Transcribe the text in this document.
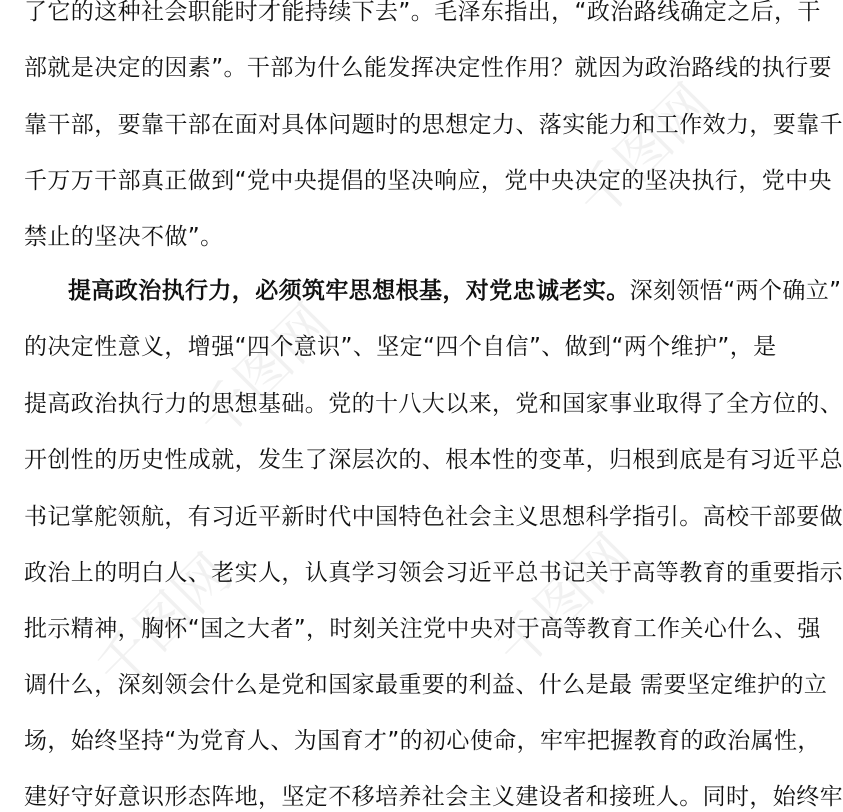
千图网
千图网
千图网
千图网
了它的这种社会职能时才能持续下去”。毛泽东指出，“政治路线确定之后，干
部就是决定的因素”。干部为什么能发挥决定性作用？就因为政治路线的执行要
靠干部，要靠干部在面对具体问题时的思想定力、落实能力和工作效力，要靠千
千万万干部真正做到“党中央提倡的坚决响应，党中央决定的坚决执行，党中央
禁止的坚决不做”。
提高政治执行力，必须筑牢思想根基，对党忠诚老实。深刻领悟“两个确立”
的决定性意义，增强“四个意识”、坚定“四个自信”、做到“两个维护”，是
提高政治执行力的思想基础。党的十八大以来，党和国家事业取得了全方位的、
开创性的历史性成就，发生了深层次的、根本性的变革，归根到底是有习近平总
书记掌舵领航，有习近平新时代中国特色社会主义思想科学指引。高校干部要做
政治上的明白人、老实人，认真学习领会习近平总书记关于高等教育的重要指示
批示精神，胸怀“国之大者”，时刻关注党中央对于高等教育工作关心什么、强
调什么，深刻领会什么是党和国家最重要的利益、什么是最 需要坚定维护的立
场，始终坚持“为党育人、为国育才”的初心使命，牢牢把握教育的政治属性，
建好守好意识形态阵地，坚定不移培养社会主义建设者和接班人。同时，始终牢
